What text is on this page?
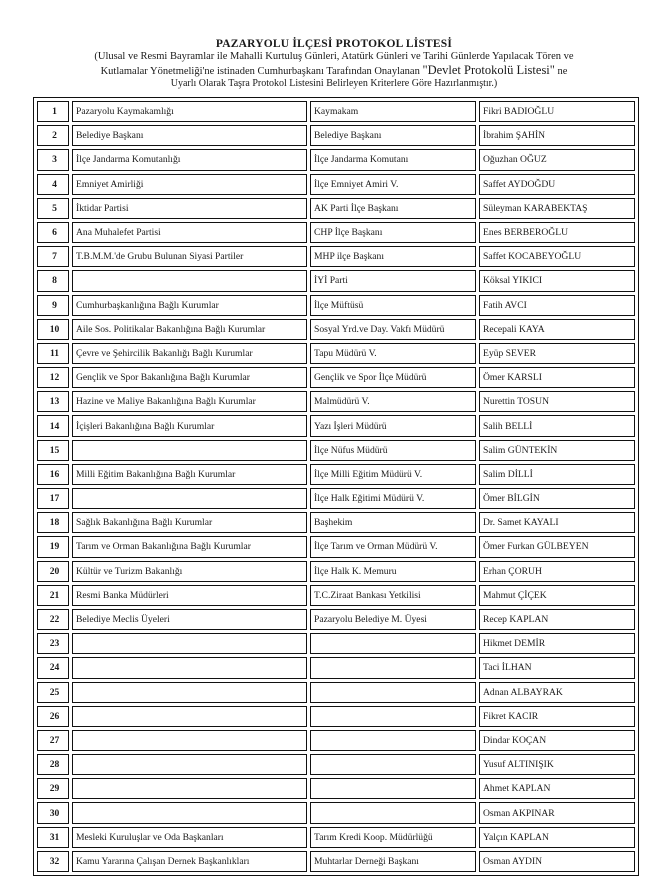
PAZARYOLU İLÇESİ PROTOKOL LİSTESİ
(Ulusal ve Resmi Bayramlar ile Mahalli Kurtuluş Günleri, Atatürk Günleri ve Tarihi Günlerde Yapılacak Tören ve
Kutlamalar Yönetmeliği'ne istinaden Cumhurbaşkanı Tarafından Onaylanan "Devlet Protokolü Listesi" ne
Uyarlı Olarak Taşra Protokol Listesini Belirleyen Kriterlere Göre Hazırlanmıştır.)
1	Pazaryolu Kaymakamlığı	Kaymakam	Fikri BADIOĞLU
2	Belediye Başkanı	Belediye Başkanı	İbrahim ŞAHİN
3	İlçe Jandarma Komutanlığı	İlçe Jandarma Komutanı	Oğuzhan OĞUZ
4	Emniyet Amirliği	İlçe Emniyet Amiri V.	Saffet AYDOĞDU
5	İktidar Partisi	AK Parti İlçe Başkanı	Süleyman KARABEKTAŞ
6	Ana Muhalefet Partisi	CHP İlçe Başkanı	Enes BERBEROĞLU
7	T.B.M.M.'de Grubu Bulunan Siyasi Partiler	MHP ilçe Başkanı	Saffet KOCABEYOĞLU
8		İYİ Parti	Köksal YIKICI
9	Cumhurbaşkanlığına Bağlı Kurumlar	İlçe Müftüsü	Fatih AVCI
10	Aile Sos. Politikalar Bakanlığına Bağlı Kurumlar	Sosyal Yrd.ve Day. Vakfı Müdürü	Recepali KAYA
11	Çevre ve Şehircilik Bakanlığı Bağlı Kurumlar	Tapu Müdürü V.	Eyüp SEVER
12	Gençlik ve Spor Bakanlığına Bağlı Kurumlar	Gençlik ve Spor İlçe Müdürü	Ömer KARSLI
13	Hazine ve Maliye Bakanlığına Bağlı Kurumlar	Malmüdürü V.	Nurettin TOSUN
14	İçişleri Bakanlığına Bağlı Kurumlar	Yazı İşleri Müdürü	Salih BELLİ
15		İlçe Nüfus Müdürü	Salim GÜNTEKİN
16	Milli Eğitim Bakanlığına Bağlı Kurumlar	İlçe Milli Eğitim Müdürü V.	Salim DİLLİ
17		İlçe Halk Eğitimi Müdürü V.	Ömer BİLGİN
18	Sağlık Bakanlığına Bağlı Kurumlar	Başhekim	Dr. Samet KAYALI
19	Tarım ve Orman Bakanlığına Bağlı Kurumlar	İlçe Tarım ve Orman Müdürü V.	Ömer Furkan GÜLBEYEN
20	Kültür ve Turizm Bakanlığı	İlçe Halk K. Memuru	Erhan ÇORUH
21	Resmi Banka Müdürleri	T.C.Ziraat Bankası Yetkilisi	Mahmut ÇİÇEK
22	Belediye Meclis Üyeleri	Pazaryolu Belediye M. Üyesi	Recep KAPLAN
23			Hikmet DEMİR
24			Taci İLHAN
25			Adnan ALBAYRAK
26			Fikret KACIR
27			Dindar KOÇAN
28			Yusuf ALTINIŞIK
29			Ahmet KAPLAN
30			Osman AKPINAR
31	Mesleki Kuruluşlar ve Oda Başkanları	Tarım Kredi Koop. Müdürlüğü	Yalçın KAPLAN
32	Kamu Yararına Çalışan Dernek Başkanlıkları	Muhtarlar Derneği Başkanı	Osman AYDIN
